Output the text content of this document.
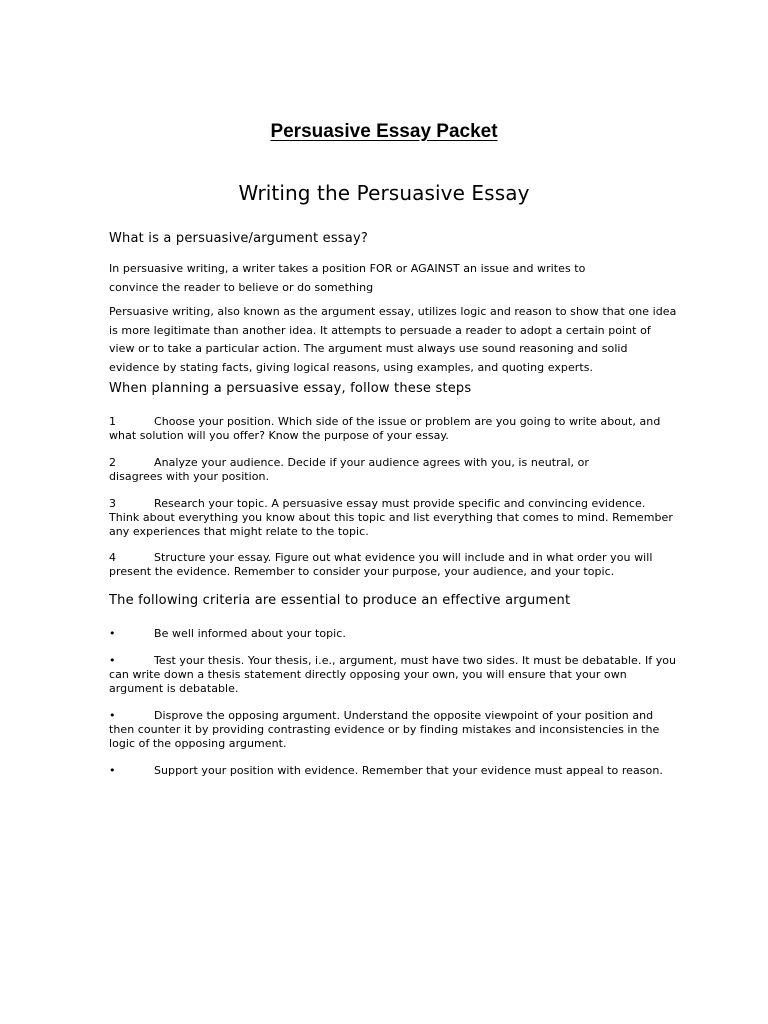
Persuasive Essay Packet
Writing the Persuasive Essay
What is a persuasive/argument essay?
In persuasive writing, a writer takes a position FOR or AGAINST an issue and writes to convince the reader to believe or do something
Persuasive writing, also known as the argument essay, utilizes logic and reason to show that one idea is more legitimate than another idea. It attempts to persuade a reader to adopt a certain point of view or to take a particular action. The argument must always use sound reasoning and solid evidence by stating facts, giving logical reasons, using examples, and quoting experts.
When planning a persuasive essay, follow these steps
1	Choose your position. Which side of the issue or problem are you going to write about, and what solution will you offer? Know the purpose of your essay.
2	Analyze your audience. Decide if your audience agrees with you, is neutral, or disagrees with your position.
3	Research your topic. A persuasive essay must provide specific and convincing evidence. Think about everything you know about this topic and list everything that comes to mind. Remember any experiences that might relate to the topic.
4	Structure your essay. Figure out what evidence you will include and in what order you will present the evidence. Remember to consider your purpose, your audience, and your topic.
The following criteria are essential to produce an effective argument
•	Be well informed about your topic.
•	Test your thesis. Your thesis, i.e., argument, must have two sides. It must be debatable. If you can write down a thesis statement directly opposing your own, you will ensure that your own argument is debatable.
•	Disprove the opposing argument. Understand the opposite viewpoint of your position and then counter it by providing contrasting evidence or by finding mistakes and inconsistencies in the logic of the opposing argument.
•	Support your position with evidence. Remember that your evidence must appeal to reason.
